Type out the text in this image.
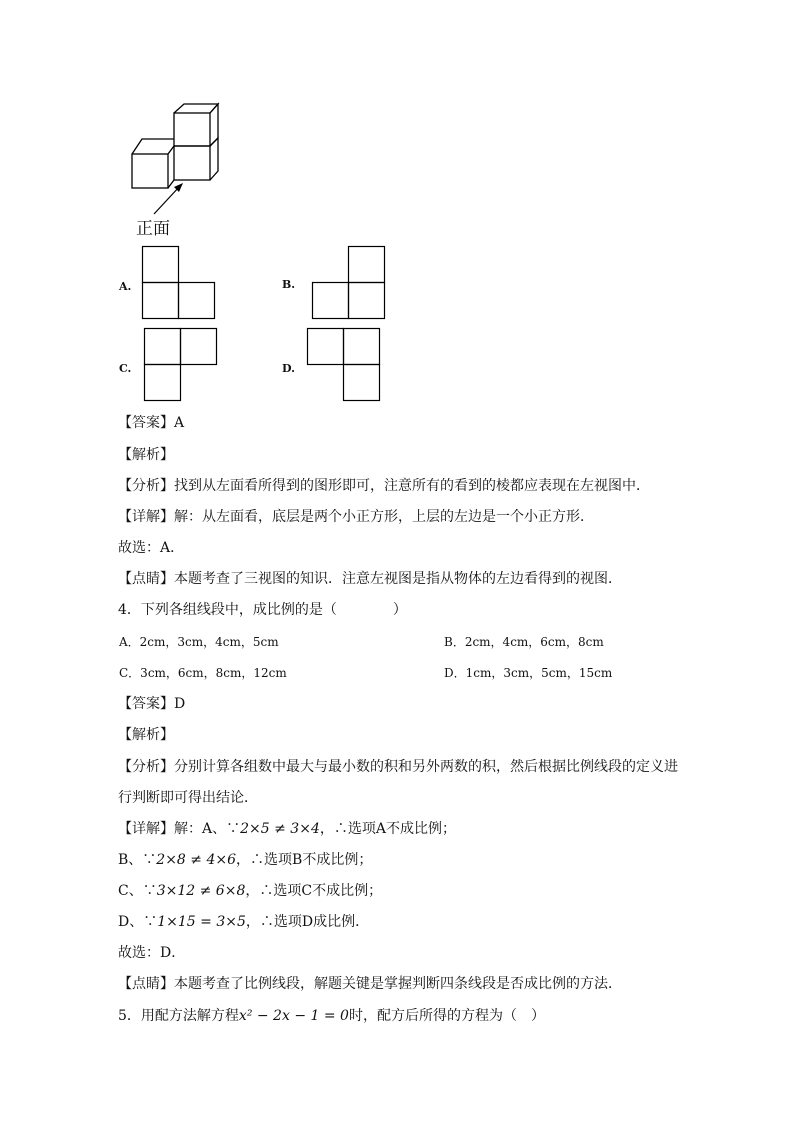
正面
A.	B.
C.	D.
【答案】A
【解析】
【分析】找到从左面看所得到的图形即可，注意所有的看到的棱都应表现在左视图中．
【详解】解：从左面看，底层是两个小正方形，上层的左边是一个小正方形．
故选：A．
【点睛】本题考查了三视图的知识．注意左视图是指从物体的左边看得到的视图．
4．下列各组线段中，成比例的是（　　　　）
A．2cm，3cm，4cm，5cm	B．2cm，4cm，6cm，8cm
C．3cm，6cm，8cm，12cm	D．1cm，3cm，5cm，15cm
【答案】D
【解析】
【分析】分别计算各组数中最大与最小数的积和另外两数的积，然后根据比例线段的定义进
行判断即可得出结论．
【详解】解：A、∵2×5 ≠ 3×4，∴选项A不成比例；
B、∵2×8 ≠ 4×6，∴选项B不成比例；
C、∵3×12 ≠ 6×8，∴选项C不成比例；
D、∵1×15 = 3×5，∴选项D成比例．
故选：D．
【点睛】本题考查了比例线段，解题关键是掌握判断四条线段是否成比例的方法．
5．用配方法解方程x² − 2x − 1 = 0时，配方后所得的方程为（　）
